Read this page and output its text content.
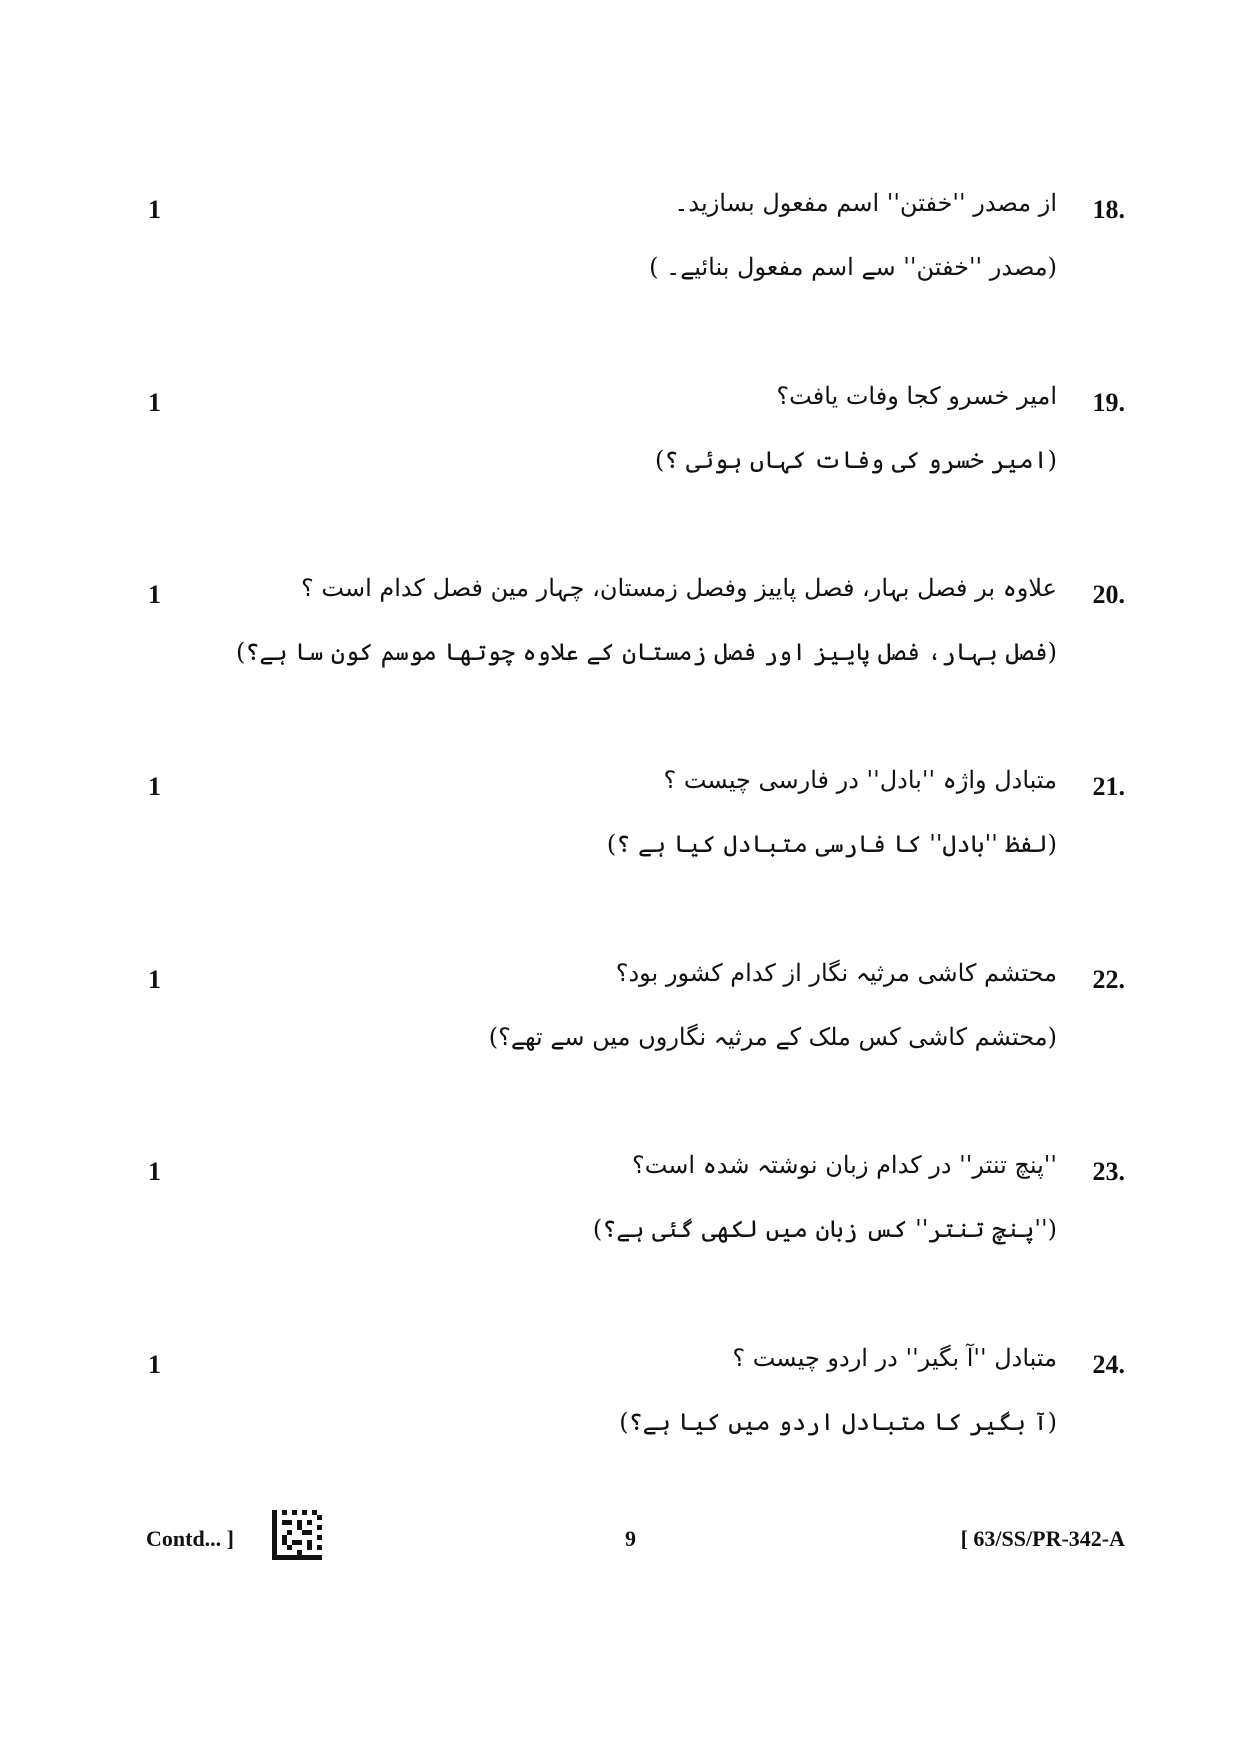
1	از مصدر ''خفتن'' اسم مفعول بسازید۔
(مصدر ''خفتن'' سے اسم مفعول بنائیے۔ )
18.
1	امیر خسرو کجا وفات یافت؟
(امیر خسرو کی وفات کہاں ہوئی ؟)
19.
1	علاوہ بر فصل بہار، فصل پاییز وفصل زمستان، چہار مین فصل کدام است ؟
(فصل بہار، فصل پاییز اور فصل زمستان کے علاوہ چوتھا موسم کون سا ہے؟)
20.
1	متبادل واژہ ''بادل'' در فارسی چیست ؟
(لفظ ''بادل'' کا فارسی متبادل کیا ہے ؟)
21.
1	محتشم کاشی مرثیہ نگار از کدام کشور بود؟
(محتشم کاشی کس ملک کے مرثیہ نگاروں میں سے تھے؟)
22.
1	''پنچ تنتر'' در کدام زبان نوشتہ شدہ است؟
(''پنچ تنتر'' کس زبان میں لکھی گئی ہے؟)
23.
1	متبادل ''آ بگیر'' در اردو چیست ؟
(آ بگیر کا متبادل اردو میں کیا ہے؟)
24.
Contd... ]	9	[ 63/SS/PR-342-A
